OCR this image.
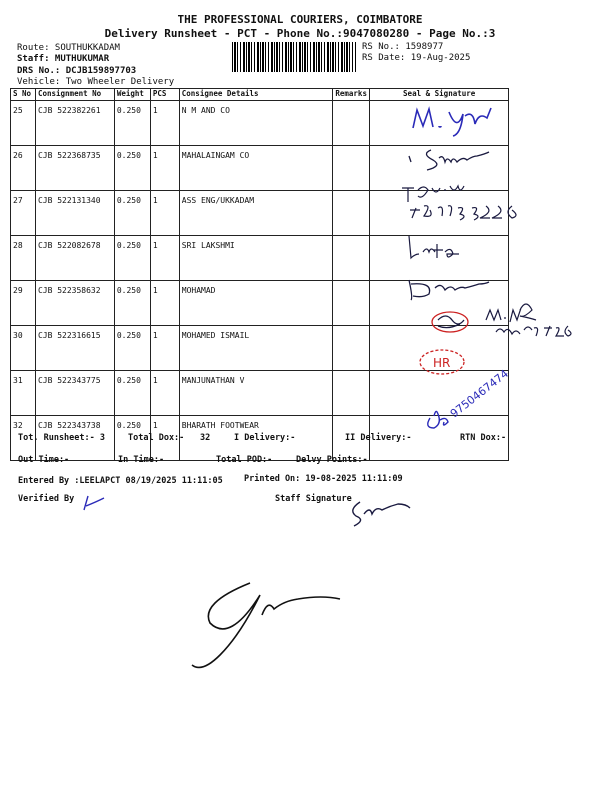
THE PROFESSIONAL COURIERS, COIMBATORE
Delivery Runsheet - PCT - Phone No.:9047080280 - Page No.:3
Route: SOUTHUKKADAM
Staff: MUTHUKUMAR
DRS No.: DCJB159897703
Vehicle: Two Wheeler Delivery
RS No.: 1598977
RS Date: 19-Aug-2025
S No	Consignment No	Weight	PCS	Consignee Details	Remarks	Seal & Signature
25	CJB 522382261	0.250	1	N M AND CO		
26	CJB 522368735	0.250	1	MAHALAINGAM CO		
27	CJB 522131340	0.250	1	ASS ENG/UKKADAM		
28	CJB 522082678	0.250	1	SRI LAKSHMI		
29	CJB 522358632	0.250	1	MOHAMAD		
30	CJB 522316615	0.250	1	MOHAMED ISMAIL		
31	CJB 522343775	0.250	1	MANJUNATHAN V		
32	CJB 522343738	0.250	1	BHARATH FOOTWEAR		
HR
9750467474
Tot. Runsheet:- 3	Total Dox:- 32	I Delivery:-	II Delivery:-	RTN Dox:-
Out Time:-	In Time:-	Total POD:-	Delvy Points:-
Entered By :LEELAPCT 08/19/2025 11:11:05	Printed On: 19-08-2025 11:11:09
Verified By	Staff Signature
